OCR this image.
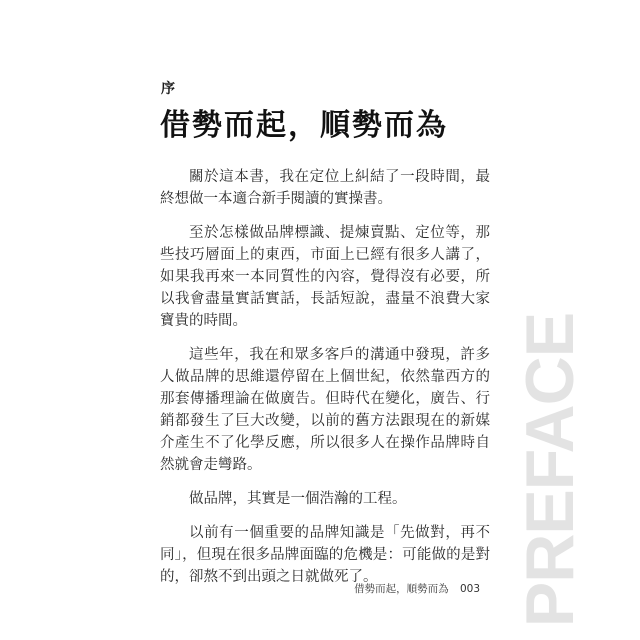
序
借勢而起，順勢而為

關於這本書，我在定位上糾結了一段時間，最終想做一本適合新手閱讀的實操書。

至於怎樣做品牌標識、提煉賣點、定位等，那些技巧層面上的東西，市面上已經有很多人講了，如果我再來一本同質性的內容，覺得沒有必要，所以我會盡量實話實話，長話短說，盡量不浪費大家寶貴的時間。

這些年，我在和眾多客戶的溝通中發現，許多人做品牌的思維還停留在上個世紀，依然靠西方的那套傳播理論在做廣告。但時代在變化，廣告、行銷都發生了巨大改變，以前的舊方法跟現在的新媒介產生不了化學反應，所以很多人在操作品牌時自然就會走彎路。

做品牌，其實是一個浩瀚的工程。

以前有一個重要的品牌知識是「先做對，再不同」，但現在很多品牌面臨的危機是：可能做的是對的，卻熬不到出頭之日就做死了。	PREFACE
借勢而起，順勢而為 003
